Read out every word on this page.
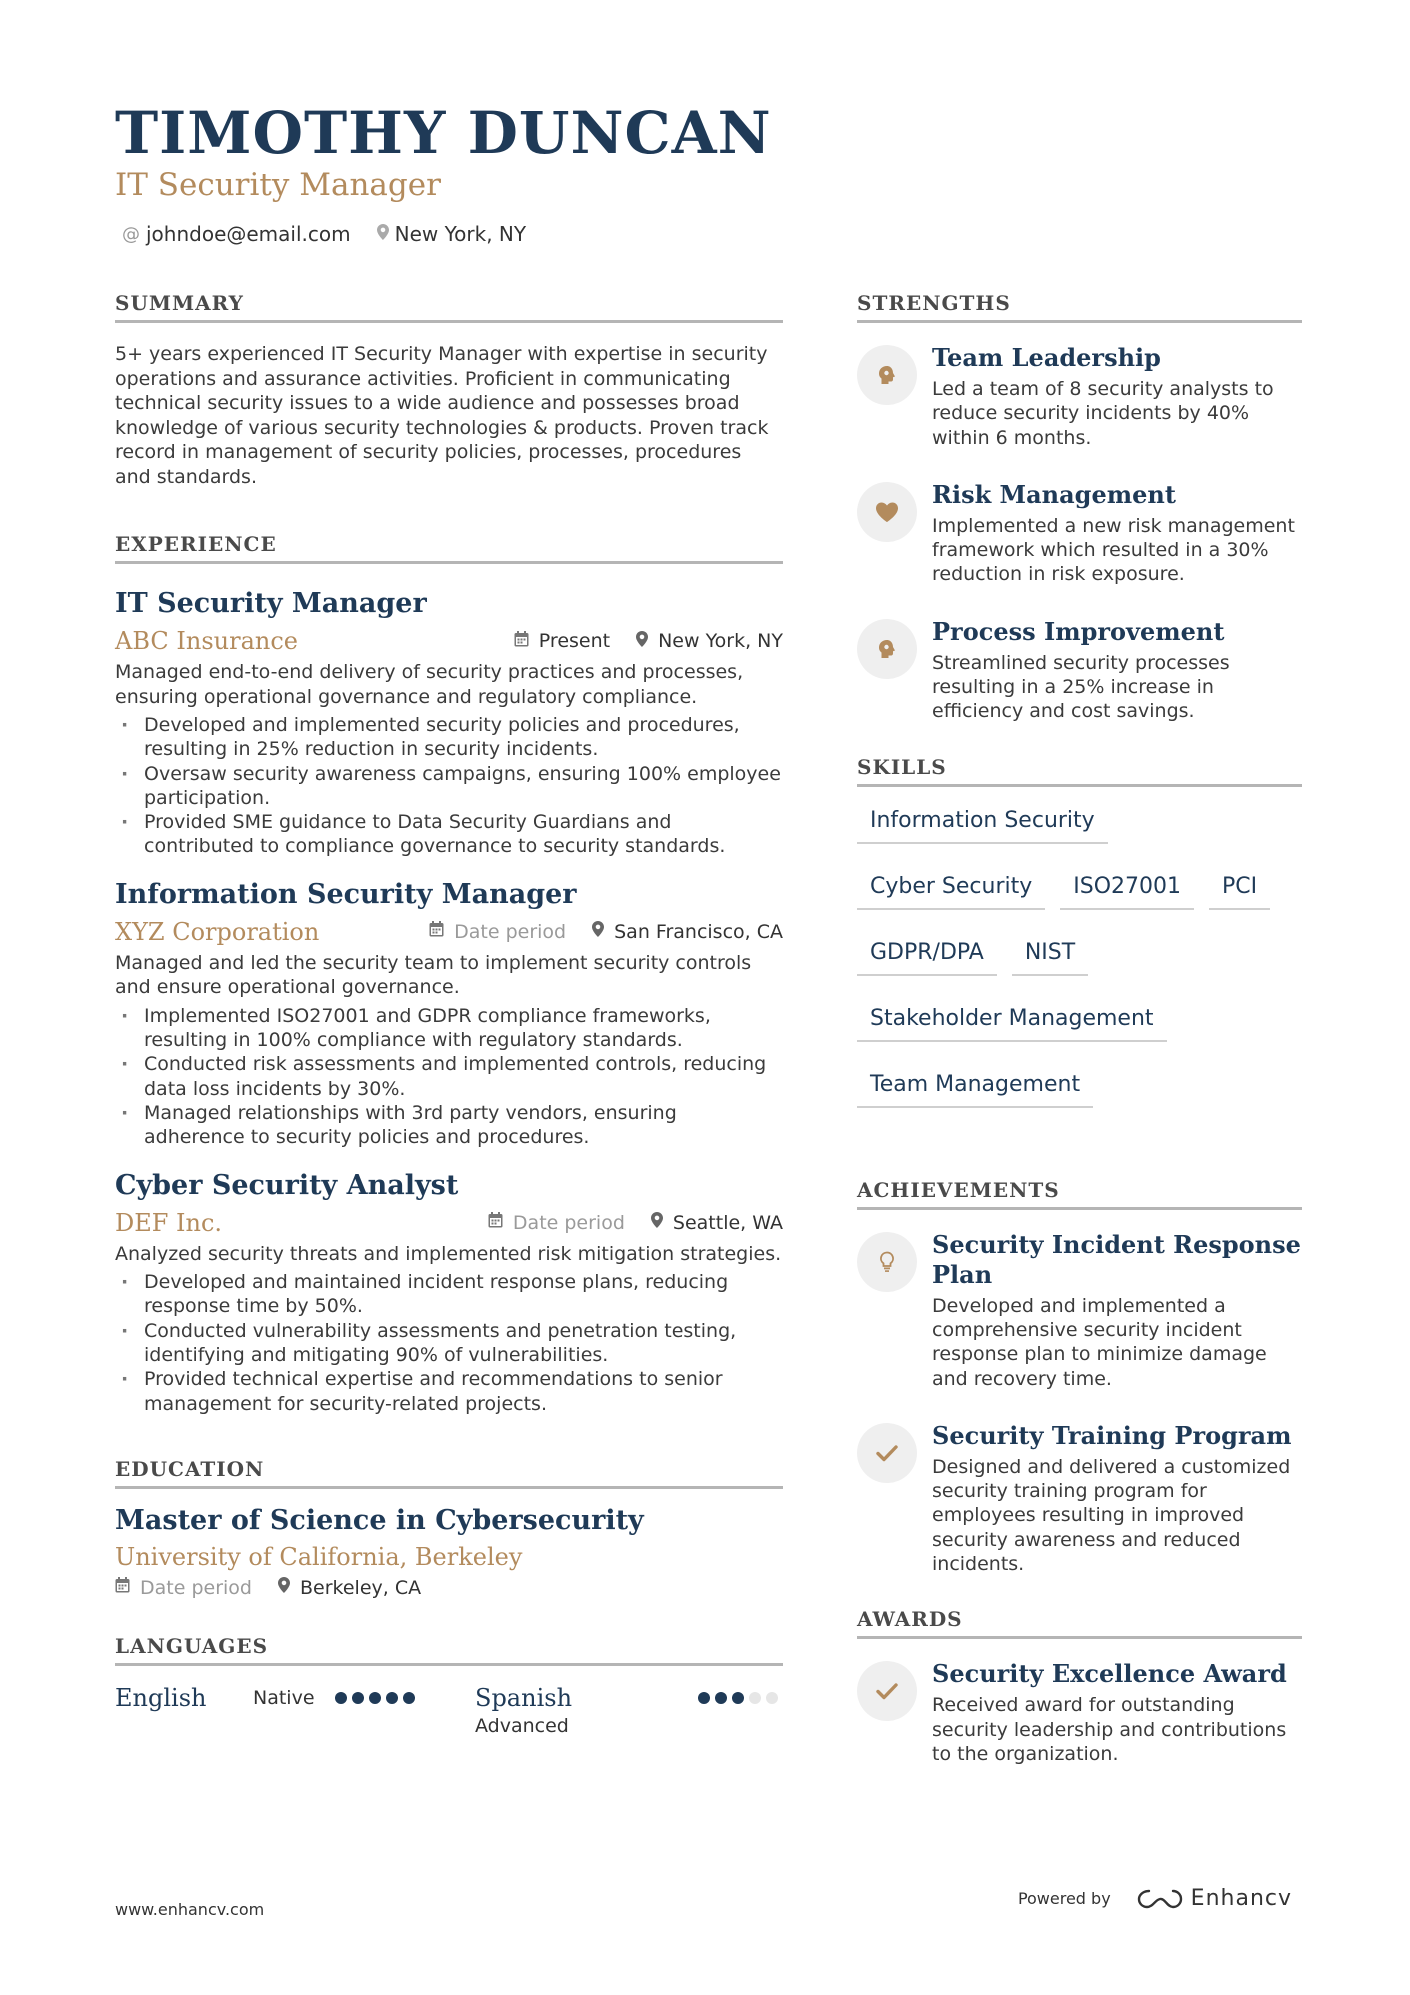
TIMOTHY DUNCAN
IT Security Manager
@ johndoe@email.com New York, NY
SUMMARY

5+ years experienced IT Security Manager with expertise in security operations and assurance activities. Proficient in communicating technical security issues to a wide audience and possesses broad knowledge of various security technologies & products. Proven track record in management of security policies, processes, procedures and standards.

EXPERIENCE
IT Security Manager
ABC Insurance	Present	New York, NY

Managed end-to-end delivery of security practices and processes, ensuring operational governance and regulatory compliance.

· Developed and implemented security policies and procedures, resulting in 25% reduction in security incidents.
· Oversaw security awareness campaigns, ensuring 100% employee participation.
· Provided SME guidance to Data Security Guardians and contributed to compliance governance to security standards.
Information Security Manager
XYZ Corporation	Date period	San Francisco, CA

Managed and led the security team to implement security controls and ensure operational governance.

· Implemented ISO27001 and GDPR compliance frameworks, resulting in 100% compliance with regulatory standards.
· Conducted risk assessments and implemented controls, reducing data loss incidents by 30%.
· Managed relationships with 3rd party vendors, ensuring adherence to security policies and procedures.
Cyber Security Analyst
DEF Inc.	Date period	Seattle, WA

Analyzed security threats and implemented risk mitigation strategies.

· Developed and maintained incident response plans, reducing response time by 50%.
· Conducted vulnerability assessments and penetration testing, identifying and mitigating 90% of vulnerabilities.
· Provided technical expertise and recommendations to senior management for security-related projects.
EDUCATION
Master of Science in Cybersecurity
University of California, Berkeley
Date period	Berkeley, CA
LANGUAGES
English	Native	Spanish
Advanced
STRENGTHS
Team Leadership
Led a team of 8 security analysts to reduce security incidents by 40% within 6 months.
Risk Management
Implemented a new risk management framework which resulted in a 30% reduction in risk exposure.
Process Improvement
Streamlined security processes resulting in a 25% increase in efficiency and cost savings.
SKILLS
Information Security
Cyber Security	ISO27001	PCI
GDPR/DPA	NIST
Stakeholder Management
Team Management
ACHIEVEMENTS
Security Incident Response Plan
Developed and implemented a comprehensive security incident response plan to minimize damage and recovery time.
Security Training Program
Designed and delivered a customized security training program for employees resulting in improved security awareness and reduced incidents.
AWARDS
Security Excellence Award
Received award for outstanding security leadership and contributions to the organization.
www.enhancv.com
Powered by	Enhancv
